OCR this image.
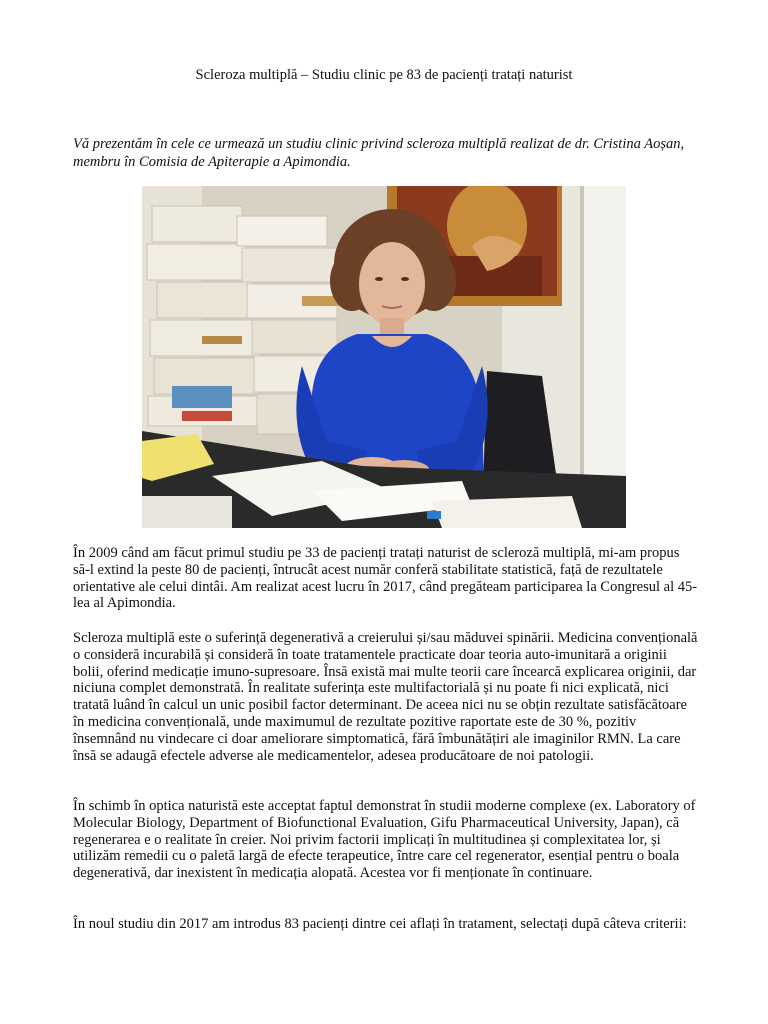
Scleroza multiplă – Studiu clinic pe 83 de pacienți tratați naturist
Vă prezentăm în cele ce urmează un studiu clinic privind scleroza multiplă realizat de dr. Cristina Aoșan, membru în Comisia de Apiterapie a Apimondia.

În 2009 când am făcut primul studiu pe 33 de pacienți tratați naturist de scleroză multiplă, mi-am propus să-l extind la peste 80 de pacienți, întrucât acest număr conferă stabilitate statistică, față de rezultatele orientative ale celui dintâi. Am realizat acest lucru în 2017, când pregăteam participarea la Congresul al 45-lea al Apimondia.

Scleroza multiplă este o suferință degenerativă a creierului și/sau măduvei spinării. Medicina convențională o consideră incurabilă și consideră în toate tratamentele practicate doar teoria auto-imunitară a originii bolii, oferind medicație imuno-supresoare. Însă există mai multe teorii care încearcă explicarea originii, dar niciuna complet demonstrată. În realitate suferința este multifactorială și nu poate fi nici explicată, nici tratată luând în calcul un unic posibil factor determinant. De aceea nici nu se obțin rezultate satisfăcătoare în medicina convențională, unde maximumul de rezultate pozitive raportate este de 30 %, pozitiv însemnând nu vindecare ci doar ameliorare simptomatică, fără îmbunătățiri ale imaginilor RMN. La care însă se adaugă efectele adverse ale medicamentelor, adesea producătoare de noi patologii.

În schimb în optica naturistă este acceptat faptul demonstrat în studii moderne complexe (ex. Laboratory of Molecular Biology, Department of Biofunctional Evaluation, Gifu Pharmaceutical University, Japan), că regenerarea e o realitate în creier. Noi privim factorii implicați în multitudinea și complexitatea lor, și utilizăm remedii cu o paletă largă de efecte terapeutice, între care cel regenerator, esențial pentru o boala degenerativă, dar inexistent în medicația alopată. Acestea vor fi menționate în continuare.

În noul studiu din 2017 am introdus 83 pacienți dintre cei aflați în tratament, selectați după câteva criterii:
